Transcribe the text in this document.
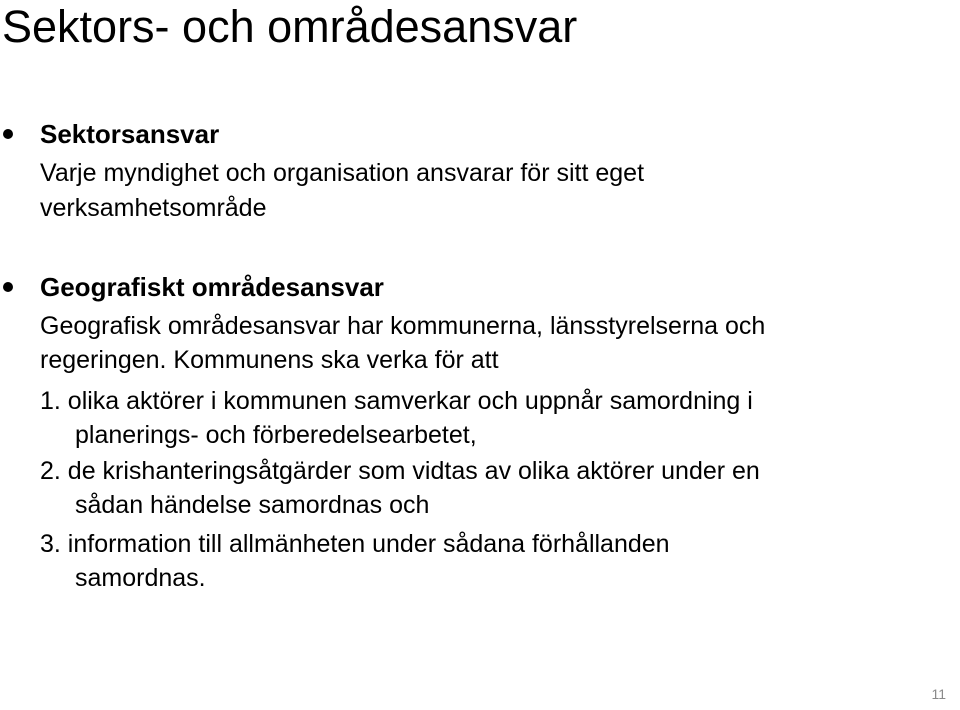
Sektors- och områdesansvar
Sektorsansvar
Varje myndighet och organisation ansvarar för sitt eget
verksamhetsområde
Geografiskt områdesansvar
Geografisk områdesansvar har kommunerna, länsstyrelserna och
regeringen. Kommunens ska verka för att
1. olika aktörer i kommunen samverkar och uppnår samordning i
planerings- och förberedelsearbetet,
2. de krishanteringsåtgärder som vidtas av olika aktörer under en
sådan händelse samordnas och
3. information till allmänheten under sådana förhållanden
samordnas.
11
